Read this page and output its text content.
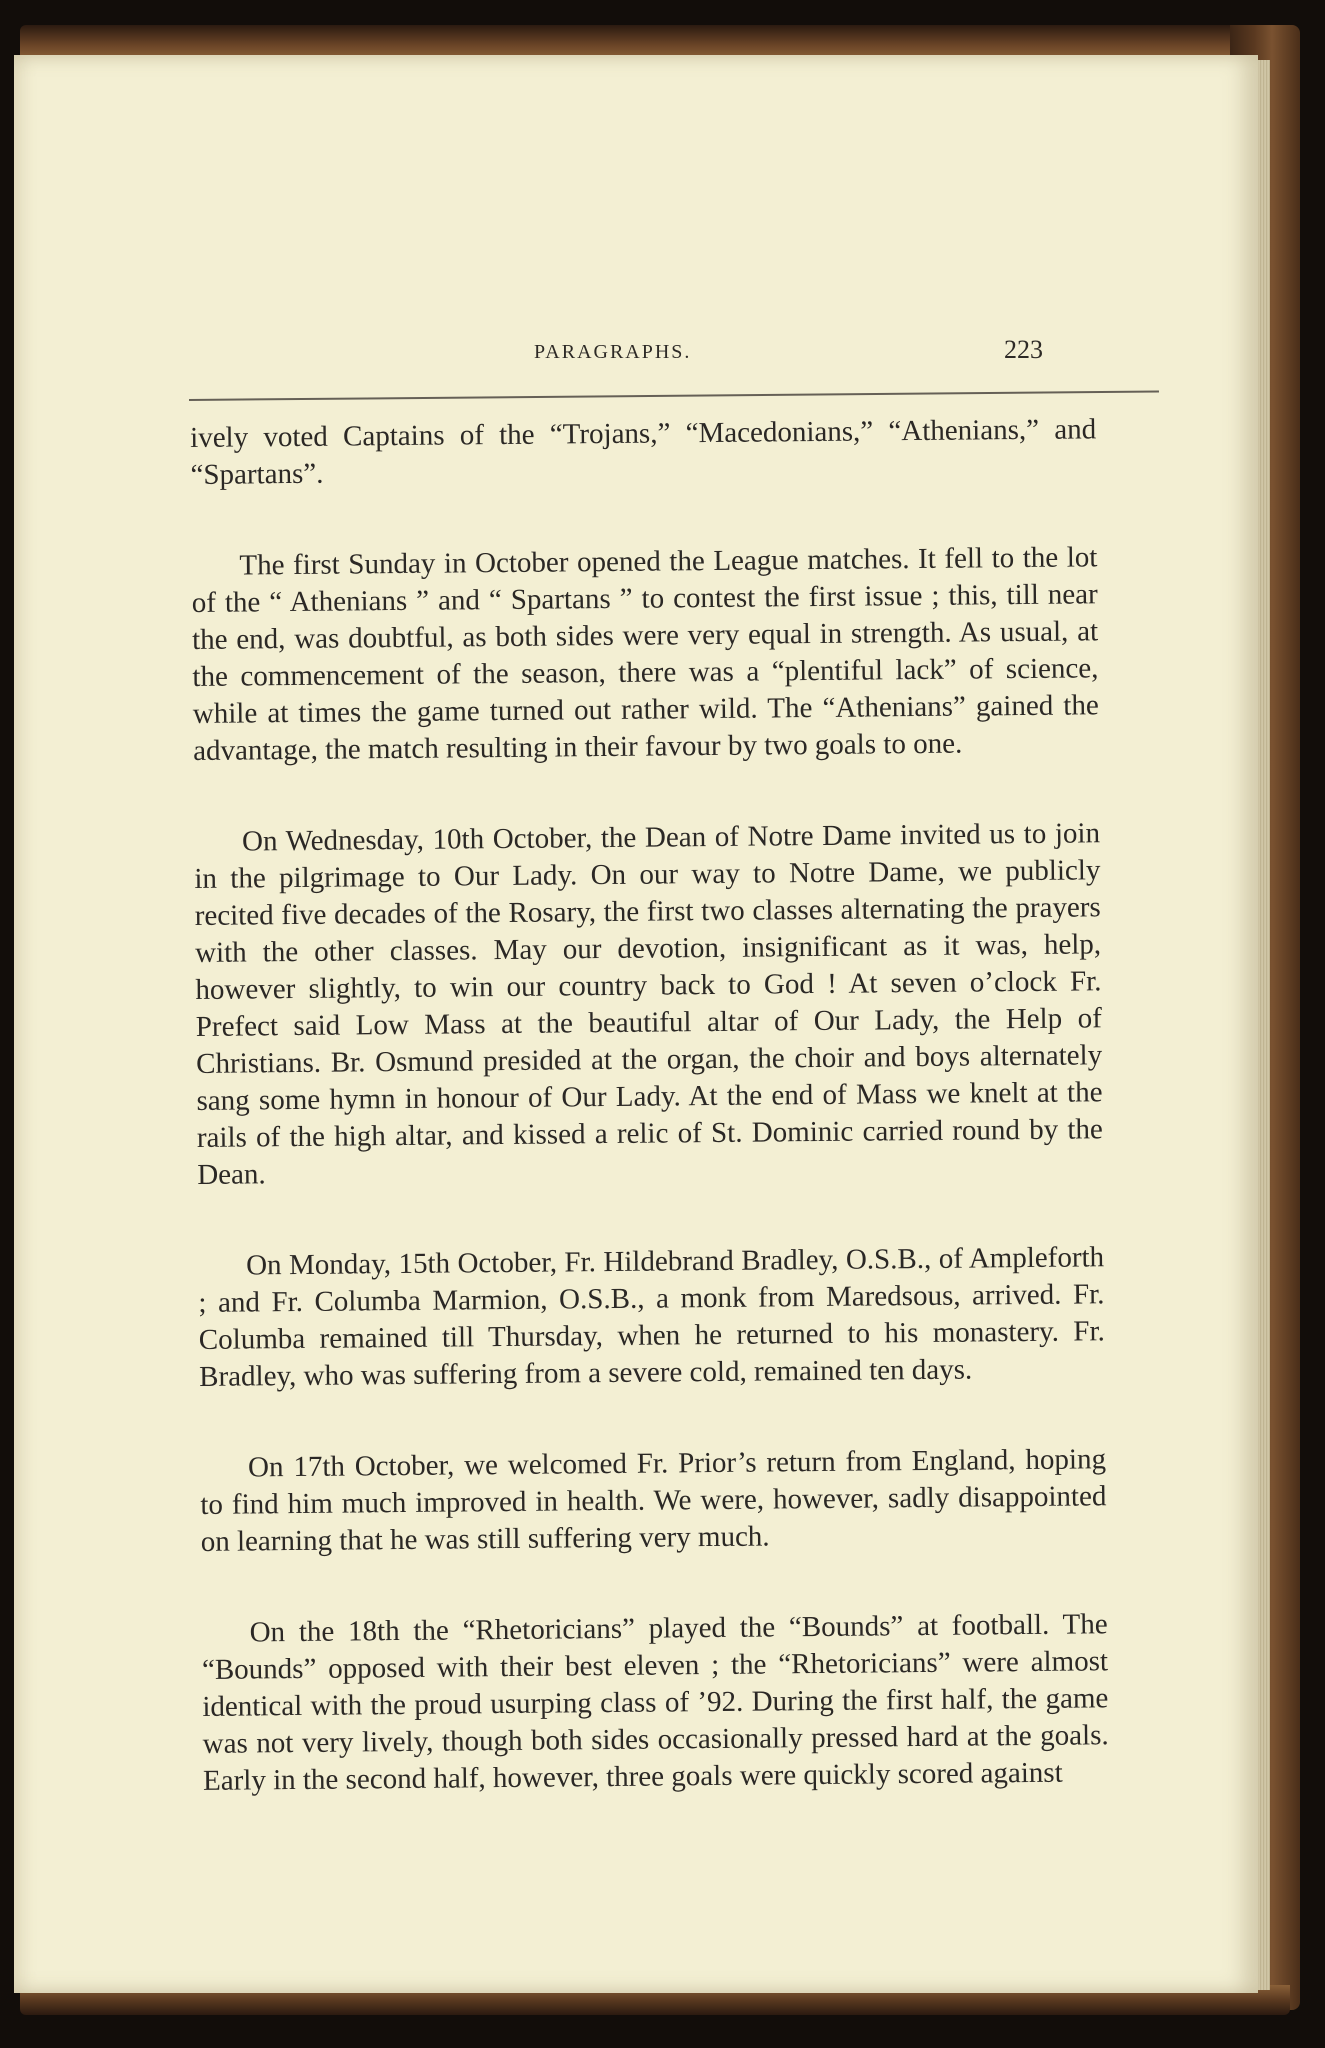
PARAGRAPHS.	223

ively voted Captains of the “Trojans,” “Macedonians,” “Athenians,” and “Spartans”.

The first Sunday in October opened the League matches. It fell to the lot of the “ Athenians ” and “ Spartans ” to contest the first issue ; this, till near the end, was doubtful, as both sides were very equal in strength. As usual, at the commencement of the season, there was a “plentiful lack” of science, while at times the game turned out rather wild. The “Athenians” gained the advantage, the match resulting in their favour by two goals to one.

On Wednesday, 10th October, the Dean of Notre Dame invited us to join in the pilgrimage to Our Lady. On our way to Notre Dame, we publicly recited five decades of the Rosary, the first two classes alternating the prayers with the other classes. May our devotion, insignificant as it was, help, however slightly, to win our country back to God ! At seven o’clock Fr. Prefect said Low Mass at the beautiful altar of Our Lady, the Help of Christians. Br. Osmund presided at the organ, the choir and boys alternately sang some hymn in honour of Our Lady. At the end of Mass we knelt at the rails of the high altar, and kissed a relic of St. Dominic carried round by the Dean.

On Monday, 15th October, Fr. Hildebrand Bradley, O.S.B., of Ampleforth ; and Fr. Columba Marmion, O.S.B., a monk from Maredsous, arrived. Fr. Columba remained till Thursday, when he returned to his monastery. Fr. Bradley, who was suffering from a severe cold, remained ten days.

On 17th October, we welcomed Fr. Prior’s return from England, hoping to find him much improved in health. We were, however, sadly disappointed on learning that he was still suffering very much.

On the 18th the “Rhetoricians” played the “Bounds” at football. The “Bounds” opposed with their best eleven ; the “Rhetoricians” were almost identical with the proud usurping class of ’92. During the first half, the game was not very lively, though both sides occasionally pressed hard at the goals. Early in the second half, however, three goals were quickly scored against
